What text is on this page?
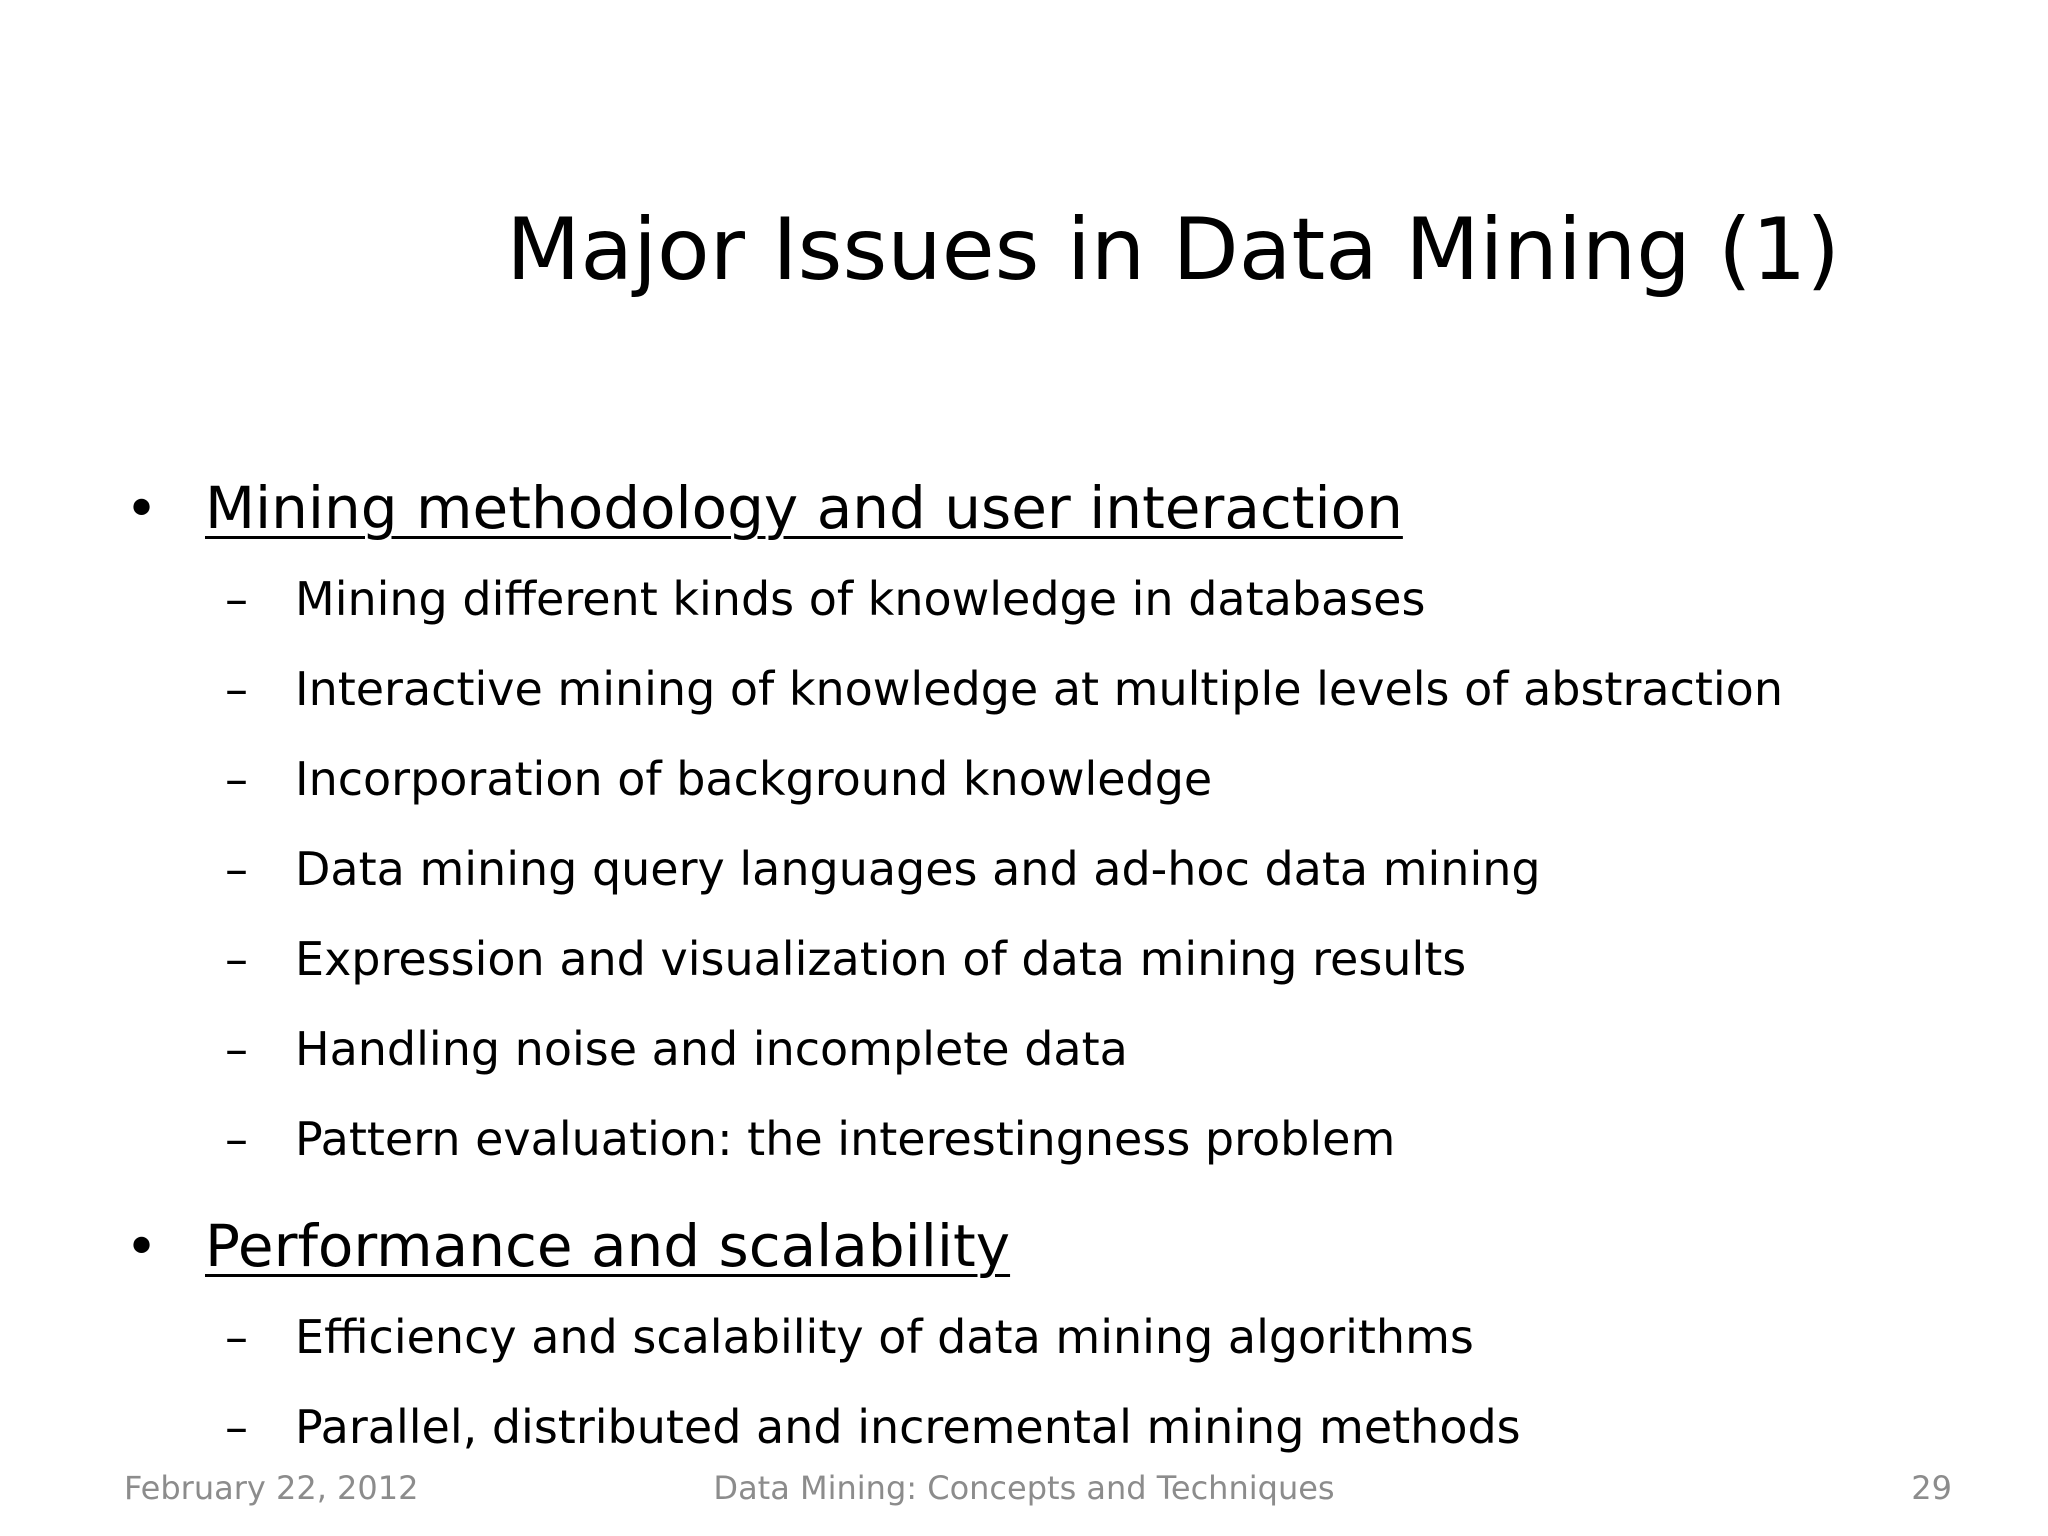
Major Issues in Data Mining (1)
• Mining methodology and user interaction
–	Mining different kinds of knowledge in databases
–	Interactive mining of knowledge at multiple levels of abstraction
–	Incorporation of background knowledge
–	Data mining query languages and ad-hoc data mining
–	Expression and visualization of data mining results
–	Handling noise and incomplete data
–	Pattern evaluation: the interestingness problem
• Performance and scalability
–	Efficiency and scalability of data mining algorithms
–	Parallel, distributed and incremental mining methods
February 22, 2012	Data Mining: Concepts and Techniques	29
